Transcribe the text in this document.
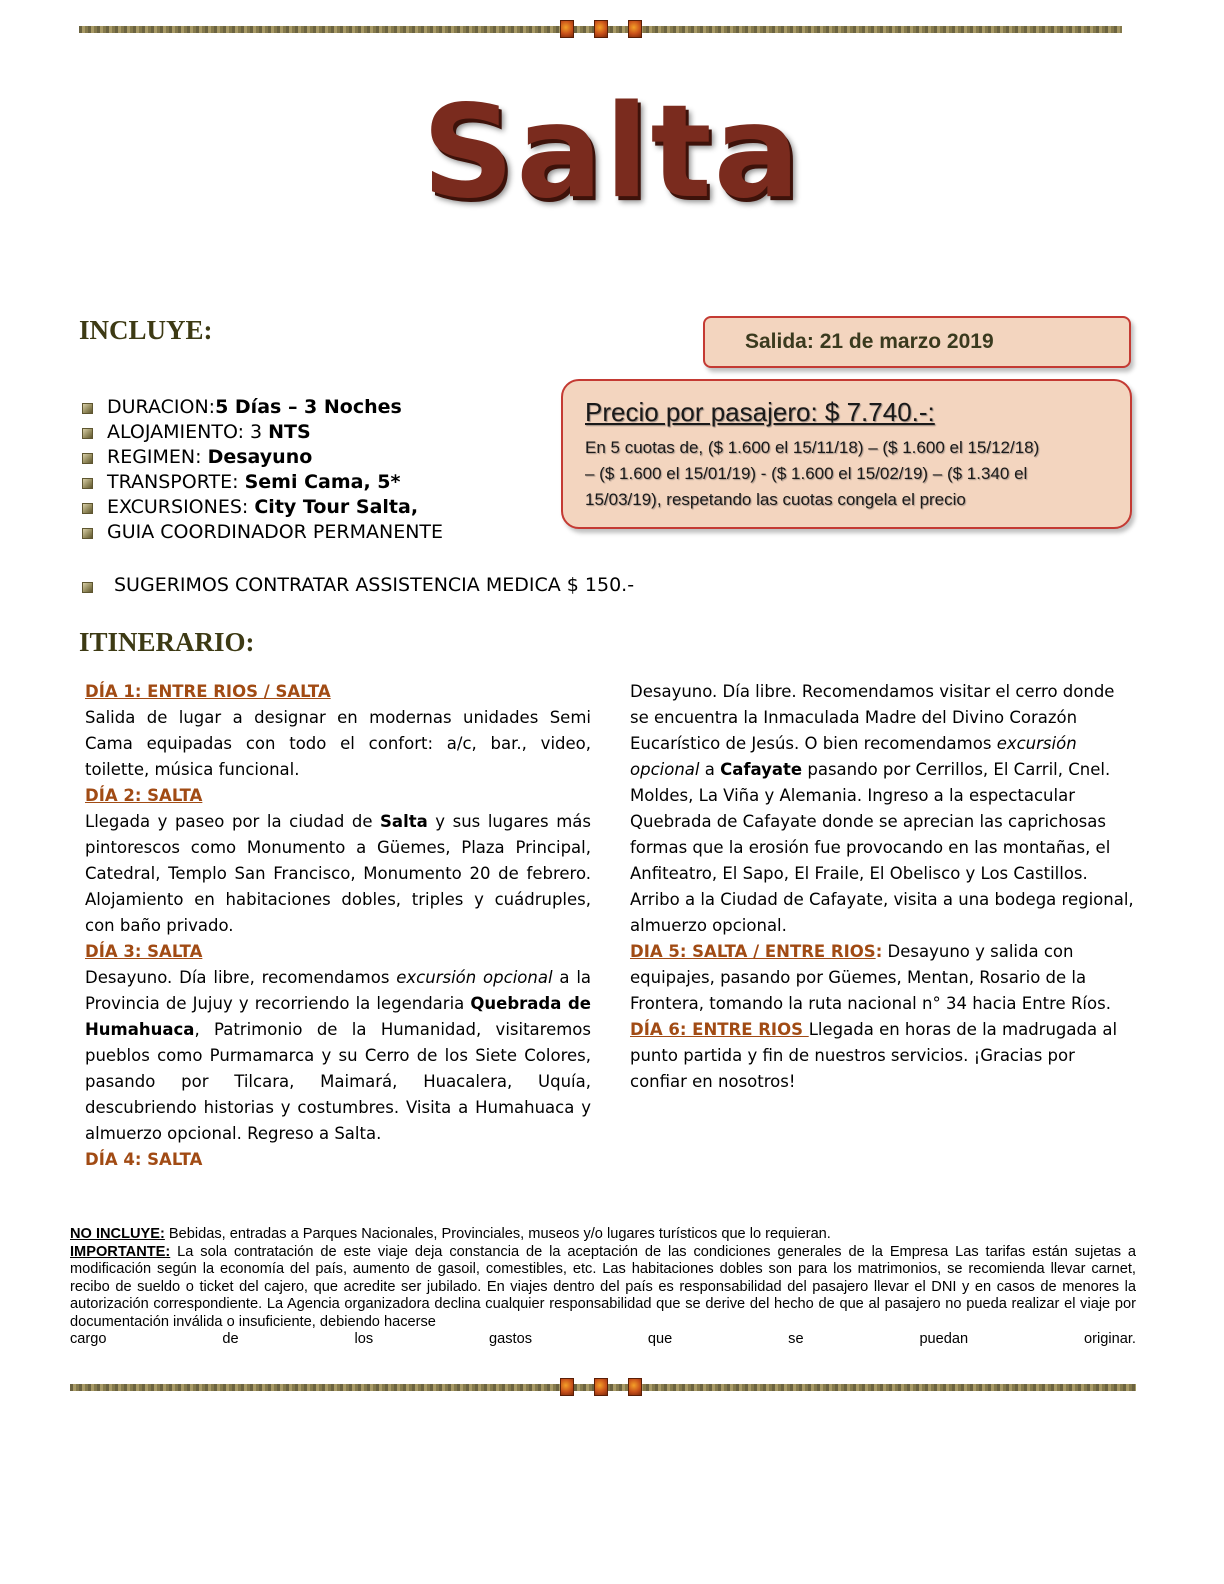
Salta
INCLUYE:	Salida: 21 de marzo 2019
Precio por pasajero: $ 7.740.-:
En 5 cuotas de, ($ 1.600 el 15/11/18) – ($ 1.600 el 15/12/18)
– ($ 1.600 el 15/01/19) - ($ 1.600 el 15/02/19) – ($ 1.340 el
15/03/19), respetando las cuotas congela el precio
DURACION:5 Días – 3 Noches
ALOJAMIENTO: 3 NTS
REGIMEN: Desayuno
TRANSPORTE: Semi Cama, 5*
EXCURSIONES: City Tour Salta,
GUIA COORDINADOR PERMANENTE
SUGERIMOS CONTRATAR ASSISTENCIA MEDICA $ 150.-
ITINERARIO:

DÍA 1: ENTRE RIOS / SALTA

Salida de lugar a designar en modernas unidades Semi Cama equipadas con todo el confort: a/c, bar., video, toilette, música funcional.

DÍA 2: SALTA

Llegada y paseo por la ciudad de Salta y sus lugares más pintorescos como Monumento a Güemes, Plaza Principal, Catedral, Templo San Francisco, Monumento 20 de febrero. Alojamiento en habitaciones dobles, triples y cuádruples, con baño privado.

DÍA 3: SALTA

Desayuno. Día libre, recomendamos excursión opcional a la Provincia de Jujuy y recorriendo la legendaria Quebrada de Humahuaca, Patrimonio de la Humanidad, visitaremos pueblos como Purmamarca y su Cerro de los Siete Colores, pasando por Tilcara, Maimará, Huacalera, Uquía, descubriendo historias y costumbres. Visita a Humahuaca y almuerzo opcional. Regreso a Salta.

DÍA 4: SALTA

Desayuno. Día libre. Recomendamos visitar el cerro donde se encuentra la Inmaculada Madre del Divino Corazón Eucarístico de Jesús. O bien recomendamos excursión opcional a Cafayate pasando por Cerrillos, El Carril, Cnel. Moldes, La Viña y Alemania. Ingreso a la espectacular Quebrada de Cafayate donde se aprecian las caprichosas formas que la erosión fue provocando en las montañas, el Anfiteatro, El Sapo, El Fraile, El Obelisco y Los Castillos. Arribo a la Ciudad de Cafayate, visita a una bodega regional, almuerzo opcional.

DIA 5: SALTA / ENTRE RIOS: Desayuno y salida con equipajes, pasando por Güemes, Mentan, Rosario de la Frontera, tomando la ruta nacional n° 34 hacia Entre Ríos.

DÍA 6: ENTRE RIOS Llegada en horas de la madrugada al punto partida y fin de nuestros servicios. ¡Gracias por confiar en nosotros!

NO INCLUYE: Bebidas, entradas a Parques Nacionales, Provinciales, museos y/o lugares turísticos que lo requieran.
IMPORTANTE: La sola contratación de este viaje deja constancia de la aceptación de las condiciones generales de la Empresa Las tarifas están sujetas a modificación según la economía del país, aumento de gasoil, comestibles, etc. Las habitaciones dobles son para los matrimonios, se recomienda llevar carnet, recibo de sueldo o ticket del cajero, que acredite ser jubilado. En viajes dentro del país es responsabilidad del pasajero llevar el DNI y en casos de menores la autorización correspondiente. La Agencia organizadora declina cualquier responsabilidad que se derive del hecho de que al pasajero no pueda realizar el viaje por documentación inválida o insuficiente, debiendo hacerse
cargo	de	los	gastos	que	se	puedan	originar.
